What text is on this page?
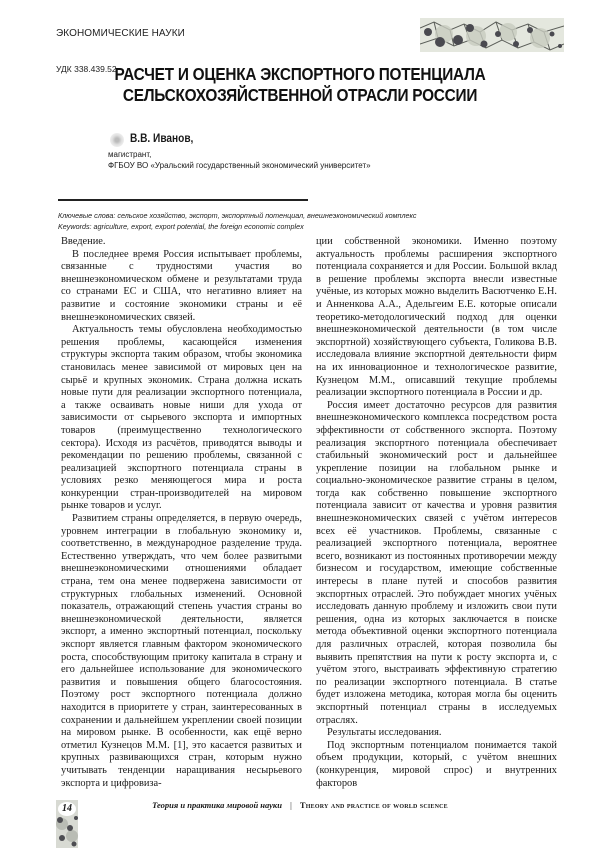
ЭКОНОМИЧЕСКИЕ НАУКИ
УДК 338.439.52
РАСЧЕТ И ОЦЕНКА ЭКСПОРТНОГО ПОТЕНЦИАЛА
СЕЛЬСКОХОЗЯЙСТВЕННОЙ ОТРАСЛИ РОССИИ
В.В. Иванов,
магистрант,
ФГБОУ ВО «Уральский государственный экономический университет»
Ключевые слова: сельское хозяйство, экспорт, экспортный потенциал, внешнеэкономический комплекс
Keywords: agriculture, export, export potential, the foreign economic complex

Введение.

В последнее время Россия испытывает проблемы, связанные с трудностями участия во внешнеэкономическом обмене и результатами труда со странами ЕС и США, что негативно влияет на развитие и состояние экономики страны и её внешнеэкономических связей.

Актуальность темы обусловлена необходимостью решения проблемы, касающейся изменения структуры экспорта таким образом, чтобы экономика становилась менее зависимой от мировых цен на сырьё и крупных экономик. Страна должна искать новые пути для реализации экспортного потенциала, а также осваивать новые ниши для ухода от зависимости от сырьевого экспорта и импортных товаров (преимущественно технологического сектора). Исходя из расчётов, приводятся выводы и рекомендации по решению проблемы, связанной с реализацией экспортного потенциала страны в условиях резко меняющегося мира и роста конкуренции стран-производителей на мировом рынке товаров и услуг.

Развитием страны определяется, в первую очередь, уровнем интеграции в глобальную экономику и, соответственно, в международное разделение труда. Естественно утверждать, что чем более развитыми внешнеэкономическими отношениями обладает страна, тем она менее подвержена зависимости от структурных глобальных изменений. Основной показатель, отражающий степень участия страны во внешнеэкономической деятельности, является экспорт, а именно экспортный потенциал, поскольку экспорт является главным фактором экономического роста, способствующим притоку капитала в страну и его дальнейшее использование для экономического развития и повышения общего благосостояния. Поэтому рост экспортного потенциала должно находится в приоритете у стран, заинтересованных в сохранении и дальнейшем укреплении своей позиции на мировом рынке. В особенности, как ещё верно отметил Кузнецов М.М. [1], это касается развитых и крупных развивающихся стран, которым нужно учитывать тенденции наращивания несырьевого экспорта и цифровиза-

ции собственной экономики. Именно поэтому актуальность проблемы расширения экспортного потенциала сохраняется и для России. Большой вклад в решение проблемы экспорта внесли известные учёные, из которых можно выделить Васютченко Е.Н. и Анненкова А.А., Адельгеим Е.Е. которые описали теоретико-методологический подход для оценки внешнеэкономической деятельности (в том числе экспортной) хозяйствующего субъекта, Голикова В.В. исследовала влияние экспортной деятельности фирм на их инновационное и технологическое развитие, Кузнецом М.М., описавший текущие проблемы реализации экспортного потенциала в России и др.

Россия имеет достаточно ресурсов для развития внешнеэкономического комплекса посредством роста эффективности от собственного экспорта. Поэтому реализация экспортного потенциала обеспечивает стабильный экономический рост и дальнейшее укрепление позиции на глобальном рынке и социально-экономическое развитие страны в целом, тогда как собственно повышение экспортного потенциала зависит от качества и уровня развития внешнеэкономических связей с учётом интересов всех её участников. Проблемы, связанные с реализацией экспортного потенциала, вероятнее всего, возникают из постоянных противоречии между бизнесом и государством, имеющие собственные интересы в плане путей и способов развития экспортных отраслей. Это побуждает многих учёных исследовать данную проблему и изложить свои пути решения, одна из которых заключается в поиске метода объективной оценки экспортного потенциала для различных отраслей, которая позволила бы выявить препятствия на пути к росту экспорта и, с учётом этого, выстраивать эффективную стратегию по реализации экспортного потенциала. В статье будет изложена методика, которая могла бы оценить экспортный потенциал страны в исследуемых отраслях.

Результаты исследования.

Под экспортным потенциалом понимается такой объем продукции, который, с учётом внешних (конкуренция, мировой спрос) и внутренних факторов

14	Теория и практика мировой науки | Theory and practice of world science
